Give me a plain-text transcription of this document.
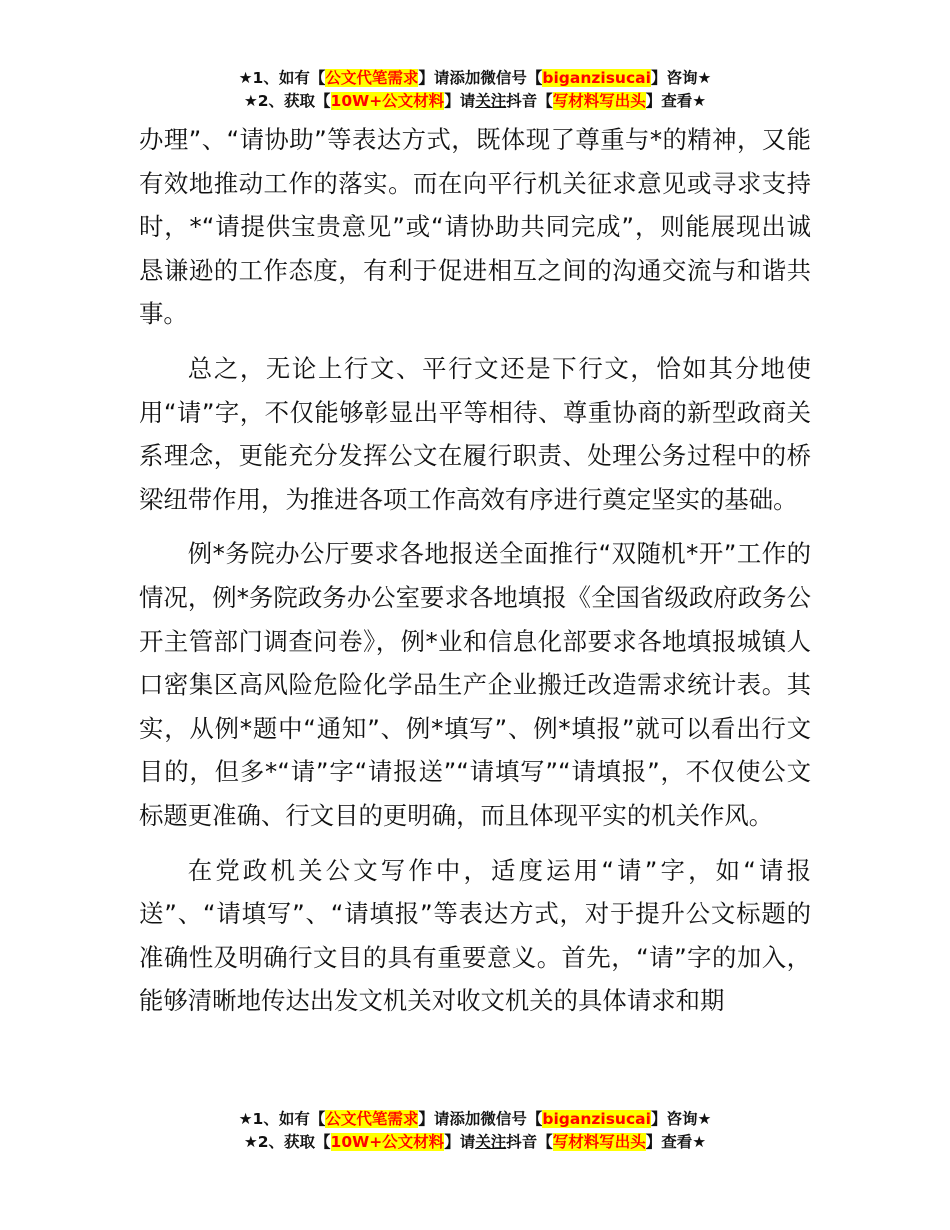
★1、如有【公文代笔需求】请添加微信号【biganzisucai】咨询★
★2、获取【10W+公文材料】请关注抖音【写材料写出头】查看★

办理”、“请协助”等表达方式，既体现了尊重与*的精神，又能有效地推动工作的落实。而在向平行机关征求意见或寻求支持时，*“请提供宝贵意见”或“请协助共同完成”，则能展现出诚恳谦逊的工作态度，有利于促进相互之间的沟通交流与和谐共事。

总之，无论上行文、平行文还是下行文，恰如其分地使用“请”字，不仅能够彰显出平等相待、尊重协商的新型政商关系理念，更能充分发挥公文在履行职责、处理公务过程中的桥梁纽带作用，为推进各项工作高效有序进行奠定坚实的基础。

例*务院办公厅要求各地报送全面推行“双随机*开”工作的情况，例*务院政务办公室要求各地填报《全国省级政府政务公开主管部门调查问卷》，例*业和信息化部要求各地填报城镇人口密集区高风险危险化学品生产企业搬迁改造需求统计表。其实，从例*题中“通知”、例*填写”、例*填报”就可以看出行文目的，但多*“请”字“请报送”“请填写”“请填报”，不仅使公文标题更准确、行文目的更明确，而且体现平实的机关作风。

在党政机关公文写作中，适度运用“请”字，如“请报送”、“请填写”、“请填报”等表达方式，对于提升公文标题的准确性及明确行文目的具有重要意义。首先，“请”字的加入，能够清晰地传达出发文机关对收文机关的具体请求和期

★1、如有【公文代笔需求】请添加微信号【biganzisucai】咨询★
★2、获取【10W+公文材料】请关注抖音【写材料写出头】查看★
